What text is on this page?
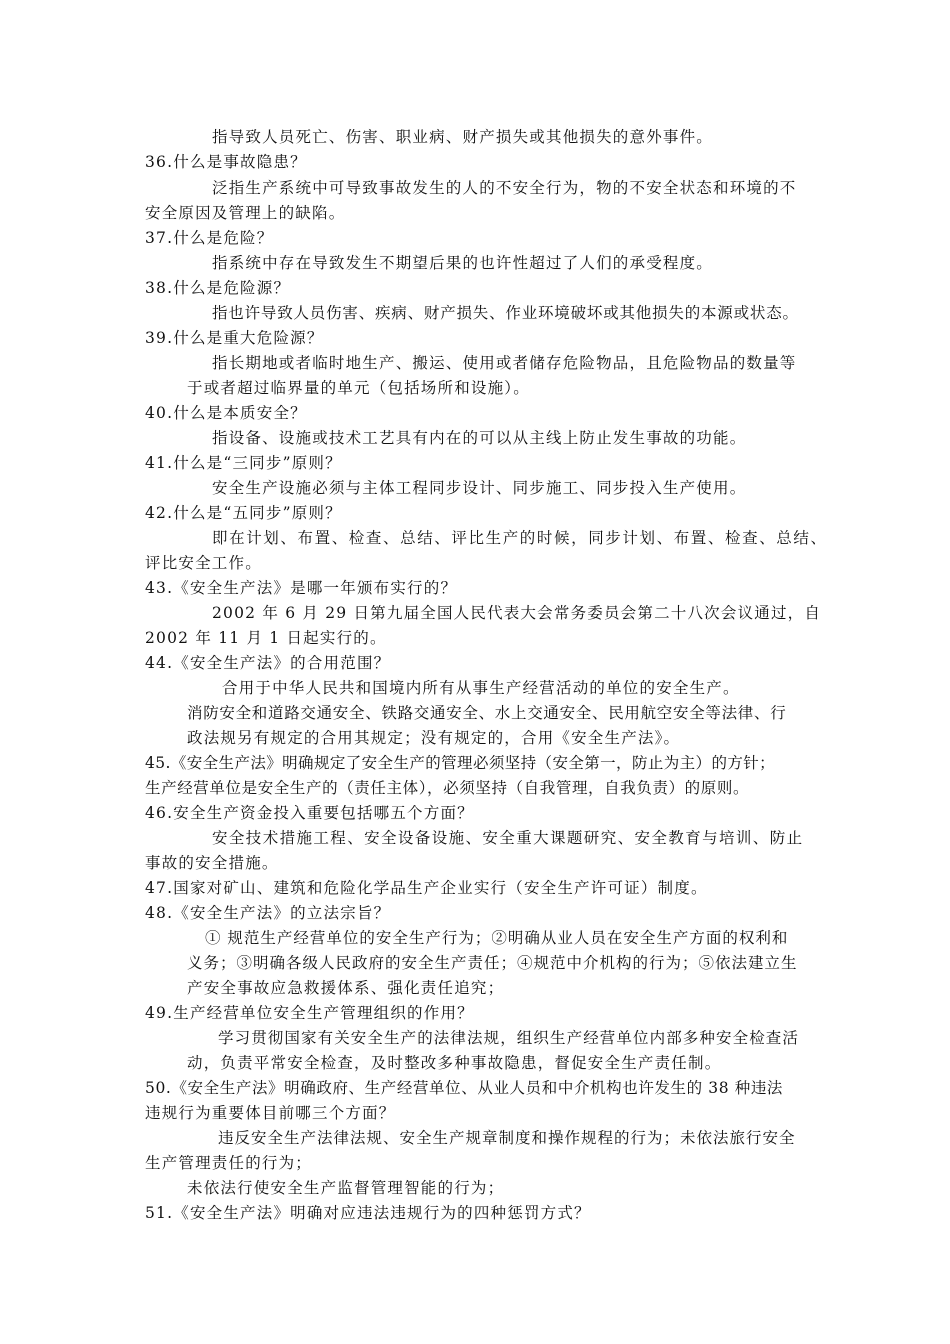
指导致人员死亡、伤害、职业病、财产损失或其他损失的意外事件。
36.什么是事故隐患？
泛指生产系统中可导致事故发生的人的不安全行为，物的不安全状态和环境的不
安全原因及管理上的缺陷。
37.什么是危险？
指系统中存在导致发生不期望后果的也许性超过了人们的承受程度。
38.什么是危险源？
指也许导致人员伤害、疾病、财产损失、作业环境破坏或其他损失的本源或状态。
39.什么是重大危险源？
指长期地或者临时地生产、搬运、使用或者储存危险物品，且危险物品的数量等
于或者超过临界量的单元（包括场所和设施）。
40.什么是本质安全？
指设备、设施或技术工艺具有内在的可以从主线上防止发生事故的功能。
41.什么是“三同步”原则？
安全生产设施必须与主体工程同步设计、同步施工、同步投入生产使用。
42.什么是“五同步”原则？
即在计划、布置、检查、总结、评比生产的时候，同步计划、布置、检查、总结、
评比安全工作。
43.《安全生产法》是哪一年颁布实行的？
2002 年 6 月 29 日第九届全国人民代表大会常务委员会第二十八次会议通过，自
2002 年 11 月 1 日起实行的。
44.《安全生产法》的合用范围？
合用于中华人民共和国境内所有从事生产经营活动的单位的安全生产。
消防安全和道路交通安全、铁路交通安全、水上交通安全、民用航空安全等法律、行
政法规另有规定的合用其规定；没有规定的，合用《安全生产法》。
45.《安全生产法》明确规定了安全生产的管理必须坚持（安全第一，防止为主）的方针；
生产经营单位是安全生产的（责任主体），必须坚持（自我管理，自我负责）的原则。
46.安全生产资金投入重要包括哪五个方面？
安全技术措施工程、安全设备设施、安全重大课题研究、安全教育与培训、防止
事故的安全措施。
47.国家对矿山、建筑和危险化学品生产企业实行（安全生产许可证）制度。
48.《安全生产法》的立法宗旨？
① 规范生产经营单位的安全生产行为；②明确从业人员在安全生产方面的权利和
义务；③明确各级人民政府的安全生产责任；④规范中介机构的行为；⑤依法建立生
产安全事故应急救援体系、强化责任追究；
49.生产经营单位安全生产管理组织的作用？
学习贯彻国家有关安全生产的法律法规，组织生产经营单位内部多种安全检查活
动，负责平常安全检查，及时整改多种事故隐患，督促安全生产责任制。
50.《安全生产法》明确政府、生产经营单位、从业人员和中介机构也许发生的 38 种违法
违规行为重要体目前哪三个方面？
违反安全生产法律法规、安全生产规章制度和操作规程的行为；未依法旅行安全
生产管理责任的行为；
未依法行使安全生产监督管理智能的行为；
51.《安全生产法》明确对应违法违规行为的四种惩罚方式？
